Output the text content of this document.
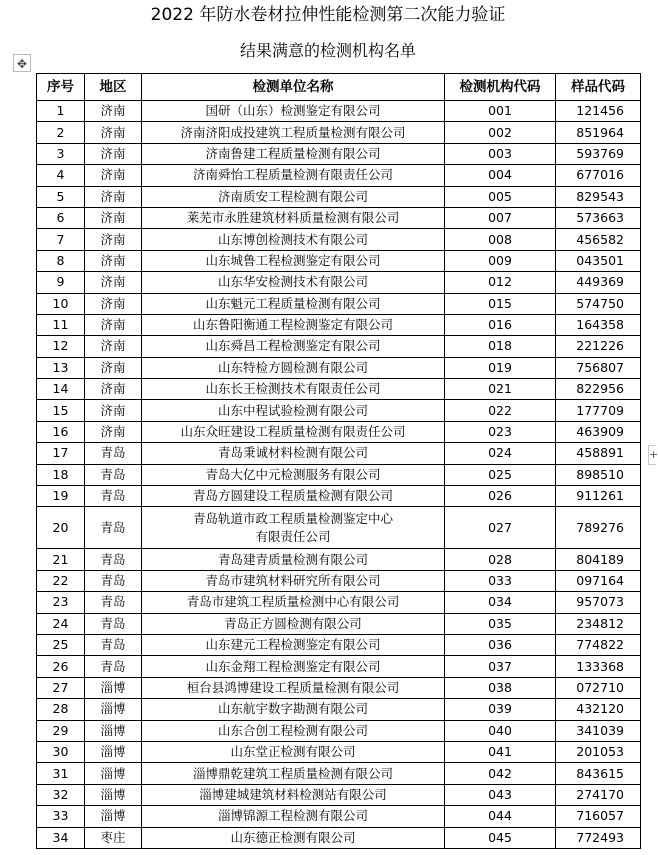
2022 年防水卷材拉伸性能检测第二次能力验证
✥
结果满意的检测机构名单
+
序号	地区	检测单位名称	检测机构代码	样品代码
1	济南	国研（山东）检测鉴定有限公司	001	121456
2	济南	济南济阳成投建筑工程质量检测有限公司	002	851964
3	济南	济南鲁建工程质量检测有限公司	003	593769
4	济南	济南舜怡工程质量检测有限责任公司	004	677016
5	济南	济南质安工程检测有限公司	005	829543
6	济南	莱芜市永胜建筑材料质量检测有限公司	007	573663
7	济南	山东博创检测技术有限公司	008	456582
8	济南	山东城鲁工程检测鉴定有限公司	009	043501
9	济南	山东华安检测技术有限公司	012	449369
10	济南	山东魁元工程质量检测有限公司	015	574750
11	济南	山东鲁阳衡通工程检测鉴定有限公司	016	164358
12	济南	山东舜昌工程检测鉴定有限公司	018	221226
13	济南	山东特检方圆检测有限公司	019	756807
14	济南	山东长王检测技术有限责任公司	021	822956
15	济南	山东中程试验检测有限公司	022	177709
16	济南	山东众旺建设工程质量检测有限责任公司	023	463909
17	青岛	青岛秉诚材料检测有限公司	024	458891
18	青岛	青岛大亿中元检测服务有限公司	025	898510
19	青岛	青岛方圆建设工程质量检测有限公司	026	911261
20	青岛	青岛轨道市政工程质量检测鉴定中心
有限责任公司	027	789276
21	青岛	青岛建青质量检测有限公司	028	804189
22	青岛	青岛市建筑材料研究所有限公司	033	097164
23	青岛	青岛市建筑工程质量检测中心有限公司	034	957073
24	青岛	青岛正方圆检测有限公司	035	234812
25	青岛	山东建元工程检测鉴定有限公司	036	774822
26	青岛	山东金翔工程检测鉴定有限公司	037	133368
27	淄博	桓台县鸿博建设工程质量检测有限公司	038	072710
28	淄博	山东航宇数字勘测有限公司	039	432120
29	淄博	山东合创工程检测有限公司	040	341039
30	淄博	山东堂正检测有限公司	041	201053
31	淄博	淄博鼎乾建筑工程质量检测有限公司	042	843615
32	淄博	淄博建城建筑材料检测站有限公司	043	274170
33	淄博	淄博锦源工程检测有限公司	044	716057
34	枣庄	山东德正检测有限公司	045	772493
